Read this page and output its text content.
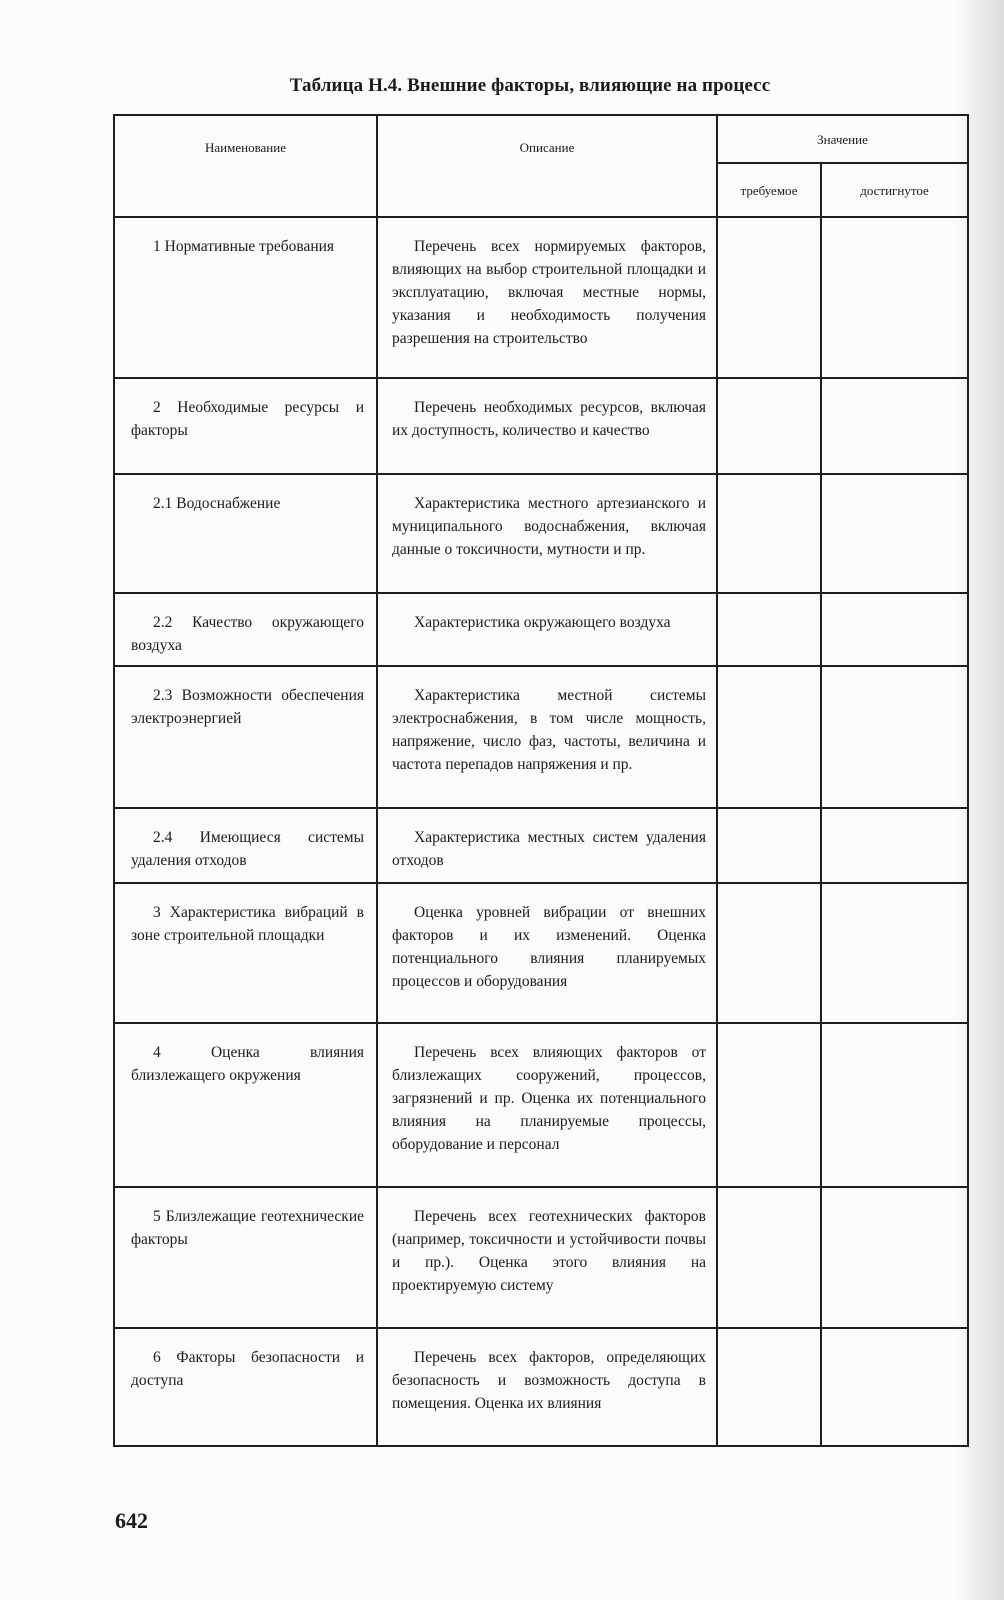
Таблица Н.4. Внешние факторы, влияющие на процесс
Наименование	Описание	Значение	
		требуемое	достигнутое

1 Нормативные требования	Перечень всех нормируемых факторов, влияющих на выбор строительной площадки и эксплуатацию, включая местные нормы, указания и необходимость получения разрешения на строительство		

2 Необходимые ресурсы и факторы	Перечень необходимых ресурсов, включая их доступность, количество и качество		

2.1 Водоснабжение	Характеристика местного артезианского и муниципального водоснабжения, включая данные о токсичности, мутности и пр.		

2.2 Качество окружающего воздуха	Характеристика окружающего воздуха		

2.3 Возможности обеспечения электроэнергией	Характеристика местной системы электроснабжения, в том числе мощность, напряжение, число фаз, частоты, величина и частота перепадов напряжения и пр.		

2.4 Имеющиеся системы удаления отходов	Характеристика местных систем удаления отходов		

3 Характеристика вибраций в зоне строительной площадки	Оценка уровней вибрации от внешних факторов и их изменений. Оценка потенциального влияния планируемых процессов и оборудования		

4 Оценка влияния близлежащего окружения	Перечень всех влияющих факторов от близлежащих сооружений, процессов, загрязнений и пр. Оценка их потенциального влияния на планируемые процессы, оборудование и персонал		

5 Близлежащие геотехнические факторы	Перечень всех геотехнических факторов (например, токсичности и устойчивости почвы и пр.). Оценка этого влияния на проектируемую систему		

6 Факторы безопасности и доступа	Перечень всех факторов, определяющих безопасность и возможность доступа в помещения. Оценка их влияния		
642
